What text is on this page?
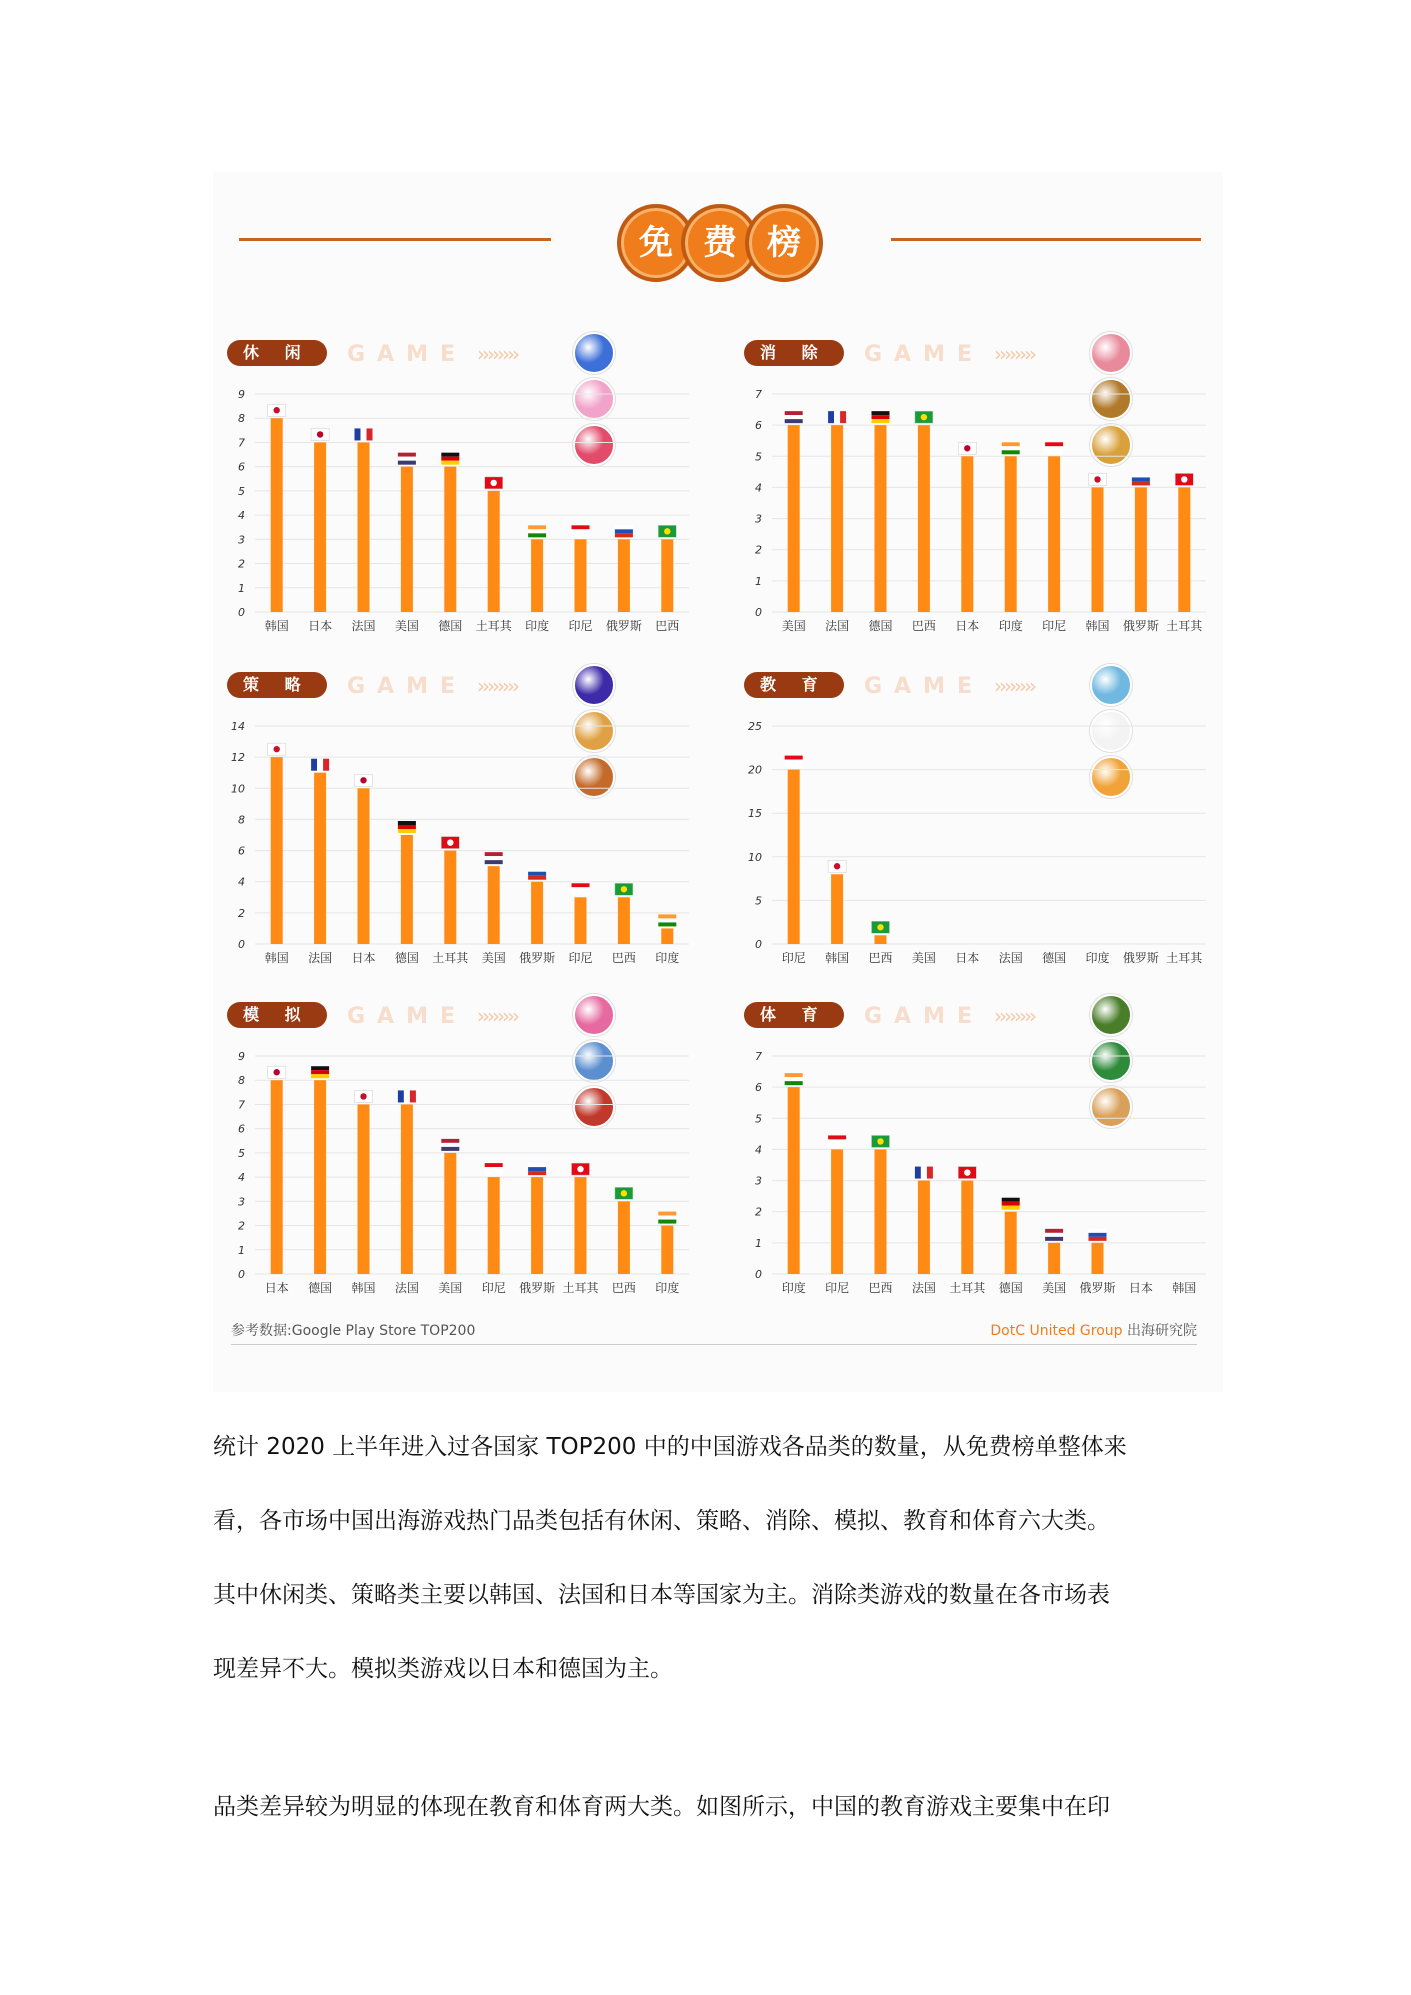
免 费 榜
休 闲	GAME ››››››››
0
1
2
3
4
5
6
7
8
9
韩国 日本 法国 美国 德国 土耳其 印度 印尼 俄罗斯 巴西
消 除	GAME ››››››››
0
1
2
3
4
5
6
7
美国 法国 德国 巴西 日本 印度 印尼 韩国 俄罗斯 土耳其
策 略	GAME ››››››››
0
2
4
6
8
10
12
14
韩国 法国 日本 德国 土耳其 美国 俄罗斯 印尼 巴西 印度
教 育	GAME ››››››››
0
5
10
15
20
25
印尼 韩国 巴西 美国 日本 法国 德国 印度 俄罗斯 土耳其
模 拟	GAME ››››››››
0
1
2
3
4
5
6
7
8
9
日本 德国 韩国 法国 美国 印尼 俄罗斯 土耳其 巴西 印度
体 育	GAME ››››››››
0
1
2
3
4
5
6
7
印度 印尼 巴西 法国 土耳其 德国 美国 俄罗斯 日本 韩国
参考数据:Google Play Store TOP200	DotC United Group 出海研究院
统计 2020 上半年进入过各国家 TOP200 中的中国游戏各品类的数量，从免费榜单整体来
看，各市场中国出海游戏热门品类包括有休闲、策略、消除、模拟、教育和体育六大类。
其中休闲类、策略类主要以韩国、法国和日本等国家为主。消除类游戏的数量在各市场表
现差异不大。模拟类游戏以日本和德国为主。
品类差异较为明显的体现在教育和体育两大类。如图所示，中国的教育游戏主要集中在印
